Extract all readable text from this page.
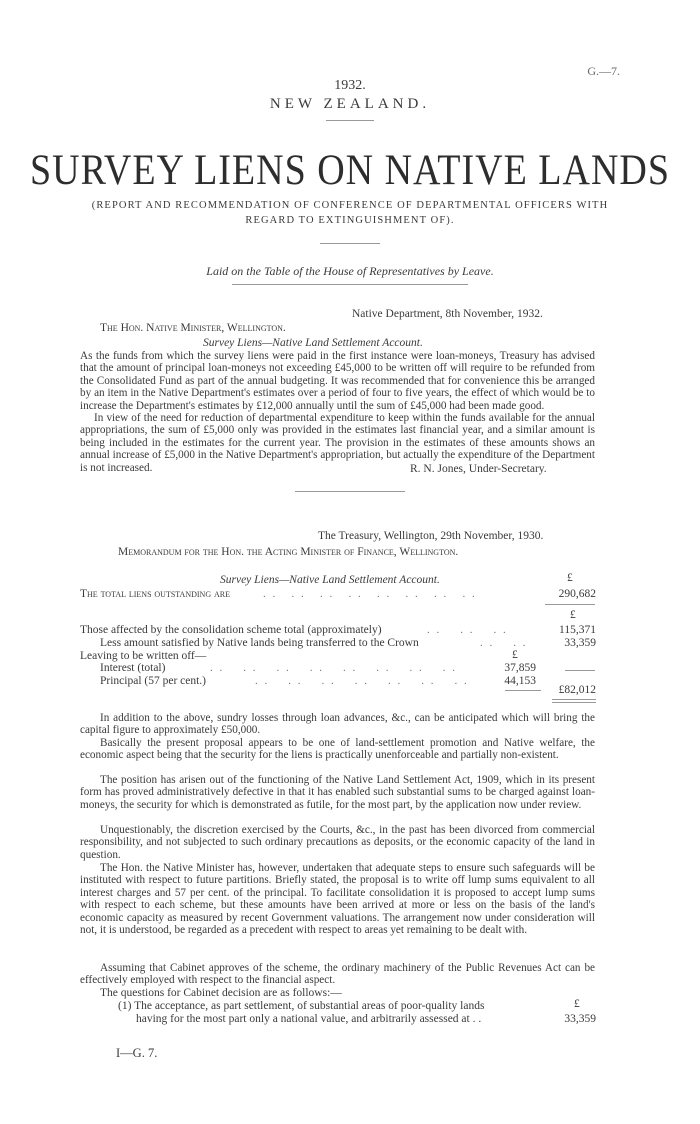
G.—7.
1932.
NEW ZEALAND.
SURVEY LIENS ON NATIVE LANDS
(REPORT AND RECOMMENDATION OF CONFERENCE OF DEPARTMENTAL OFFICERS WITH
REGARD TO EXTINGUISHMENT OF).
Laid on the Table of the House of Representatives by Leave.
Native Department, 8th November, 1932.
The Hon. Native Minister, Wellington.
Survey Liens—Native Land Settlement Account.
As the funds from which the survey liens were paid in the first instance were loan-moneys, Treasury has advised that the amount of principal loan-moneys not exceeding £45,000 to be written off will require to be refunded from the Consolidated Fund as part of the annual budgeting. It was recommended that for convenience this be arranged by an item in the Native Department's estimates over a period of four to five years, the effect of which would be to increase the Department's estimates by £12,000 annually until the sum of £45,000 had been made good.
In view of the need for reduction of departmental expenditure to keep within the funds available for the annual appropriations, the sum of £5,000 only was provided in the estimates last financial year, and a similar amount is being included in the estimates for the current year. The provision in the estimates of these amounts shows an annual increase of £5,000 in the Native Department's appropriation, but actually the expenditure of the Department is not increased.	R. N. Jones, Under-Secretary.
The Treasury, Wellington, 29th November, 1930.
Memorandum for the Hon. the Acting Minister of Finance, Wellington.
Survey Liens—Native Land Settlement Account.	£
The total liens outstanding are	. .   . .   . .   . .   . .   . .   . .   . .	290,682
£
Those affected by the consolidation scheme total (approximately)	. .    . .    . .	115,371
Less amount satisfied by Native lands being transferred to the Crown	. .    . .	33,359
Leaving to be written off—	£
Interest (total)	. .    . .    . .    . .    . .    . .    . .    . .	37,859
Principal (57 per cent.)	. .    . .    . .    . .    . .    . .    . .	44,153
£82,012
In addition to the above, sundry losses through loan advances, &c., can be anticipated which will bring the capital figure to approximately £50,000.
Basically the present proposal appears to be one of land-settlement promotion and Native welfare, the economic aspect being that the security for the liens is practically unenforceable and partially non-existent.
The position has arisen out of the functioning of the Native Land Settlement Act, 1909, which in its present form has proved administratively defective in that it has enabled such substantial sums to be charged against loan-moneys, the security for which is demonstrated as futile, for the most part, by the application now under review.
Unquestionably, the discretion exercised by the Courts, &c., in the past has been divorced from commercial responsibility, and not subjected to such ordinary precautions as deposits, or the economic capacity of the land in question.
The Hon. the Native Minister has, however, undertaken that adequate steps to ensure such safeguards will be instituted with respect to future partitions. Briefly stated, the proposal is to write off lump sums equivalent to all interest charges and 57 per cent. of the principal. To facilitate consolidation it is proposed to accept lump sums with respect to each scheme, but these amounts have been arrived at more or less on the basis of the land's economic capacity as measured by recent Government valuations. The arrangement now under consideration will not, it is understood, be regarded as a precedent with respect to areas yet remaining to be dealt with.
Assuming that Cabinet approves of the scheme, the ordinary machinery of the Public Revenues Act can be effectively employed with respect to the financial aspect.
The questions for Cabinet decision are as follows:—
(1) The acceptance, as part settlement, of substantial areas of poor-quality lands	£
having for the most part only a national value, and arbitrarily assessed at . .	33,359
I—G. 7.
